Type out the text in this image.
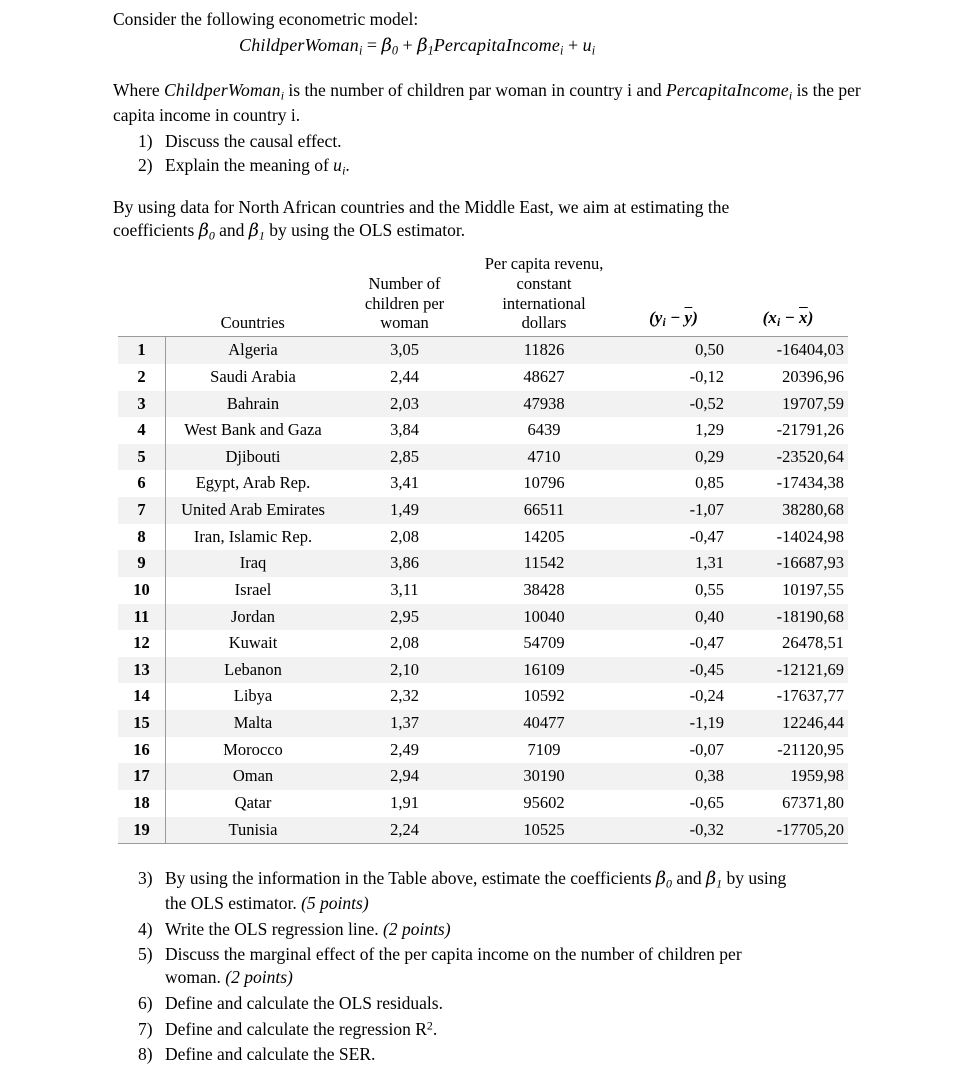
Consider the following econometric model:
ChildperWoman$_i$ = $\beta_0$ + $\beta_1PercapitaIncome_i + u_i$
Where ChildperWoman$_i$ is the number of children par woman in country i and PercapitaIncome$_i$ is the per capita income in country i.
1) Discuss the causal effect.
2) Explain the meaning of $u_i$.
By using data for North African countries and the Middle East, we aim at estimating the
coefficients $\beta_0$ and $\beta_1$ by using the OLS estimator.
	Countries	Number of
children per
woman	Per capita revenu,
constant
international
dollars	$(y_i - \overline{y})$	$(x_i - \overline{x})$
1	Algeria	3,05	11826	0,50	-16404,03
2	Saudi Arabia	2,44	48627	-0,12	20396,96
3	Bahrain	2,03	47938	-0,52	19707,59
4	West Bank and Gaza	3,84	6439	1,29	-21791,26
5	Djibouti	2,85	4710	0,29	-23520,64
6	Egypt, Arab Rep.	3,41	10796	0,85	-17434,38
7	United Arab Emirates	1,49	66511	-1,07	38280,68
8	Iran, Islamic Rep.	2,08	14205	-0,47	-14024,98
9	Iraq	3,86	11542	1,31	-16687,93
10	Israel	3,11	38428	0,55	10197,55
11	Jordan	2,95	10040	0,40	-18190,68
12	Kuwait	2,08	54709	-0,47	26478,51
13	Lebanon	2,10	16109	-0,45	-12121,69
14	Libya	2,32	10592	-0,24	-17637,77
15	Malta	1,37	40477	-1,19	12246,44
16	Morocco	2,49	7109	-0,07	-21120,95
17	Oman	2,94	30190	0,38	1959,98
18	Qatar	1,91	95602	-0,65	67371,80
19	Tunisia	2,24	10525	-0,32	-17705,20
3) By using the information in the Table above, estimate the coefficients $\beta_0$ and $\beta_1$ by using
the OLS estimator. (5 points)
4) Write the OLS regression line. (2 points)
5) Discuss the marginal effect of the per capita income on the number of children per
woman. (2 points)
6) Define and calculate the OLS residuals.
7) Define and calculate the regression $R^2$.
8) Define and calculate the SER.
